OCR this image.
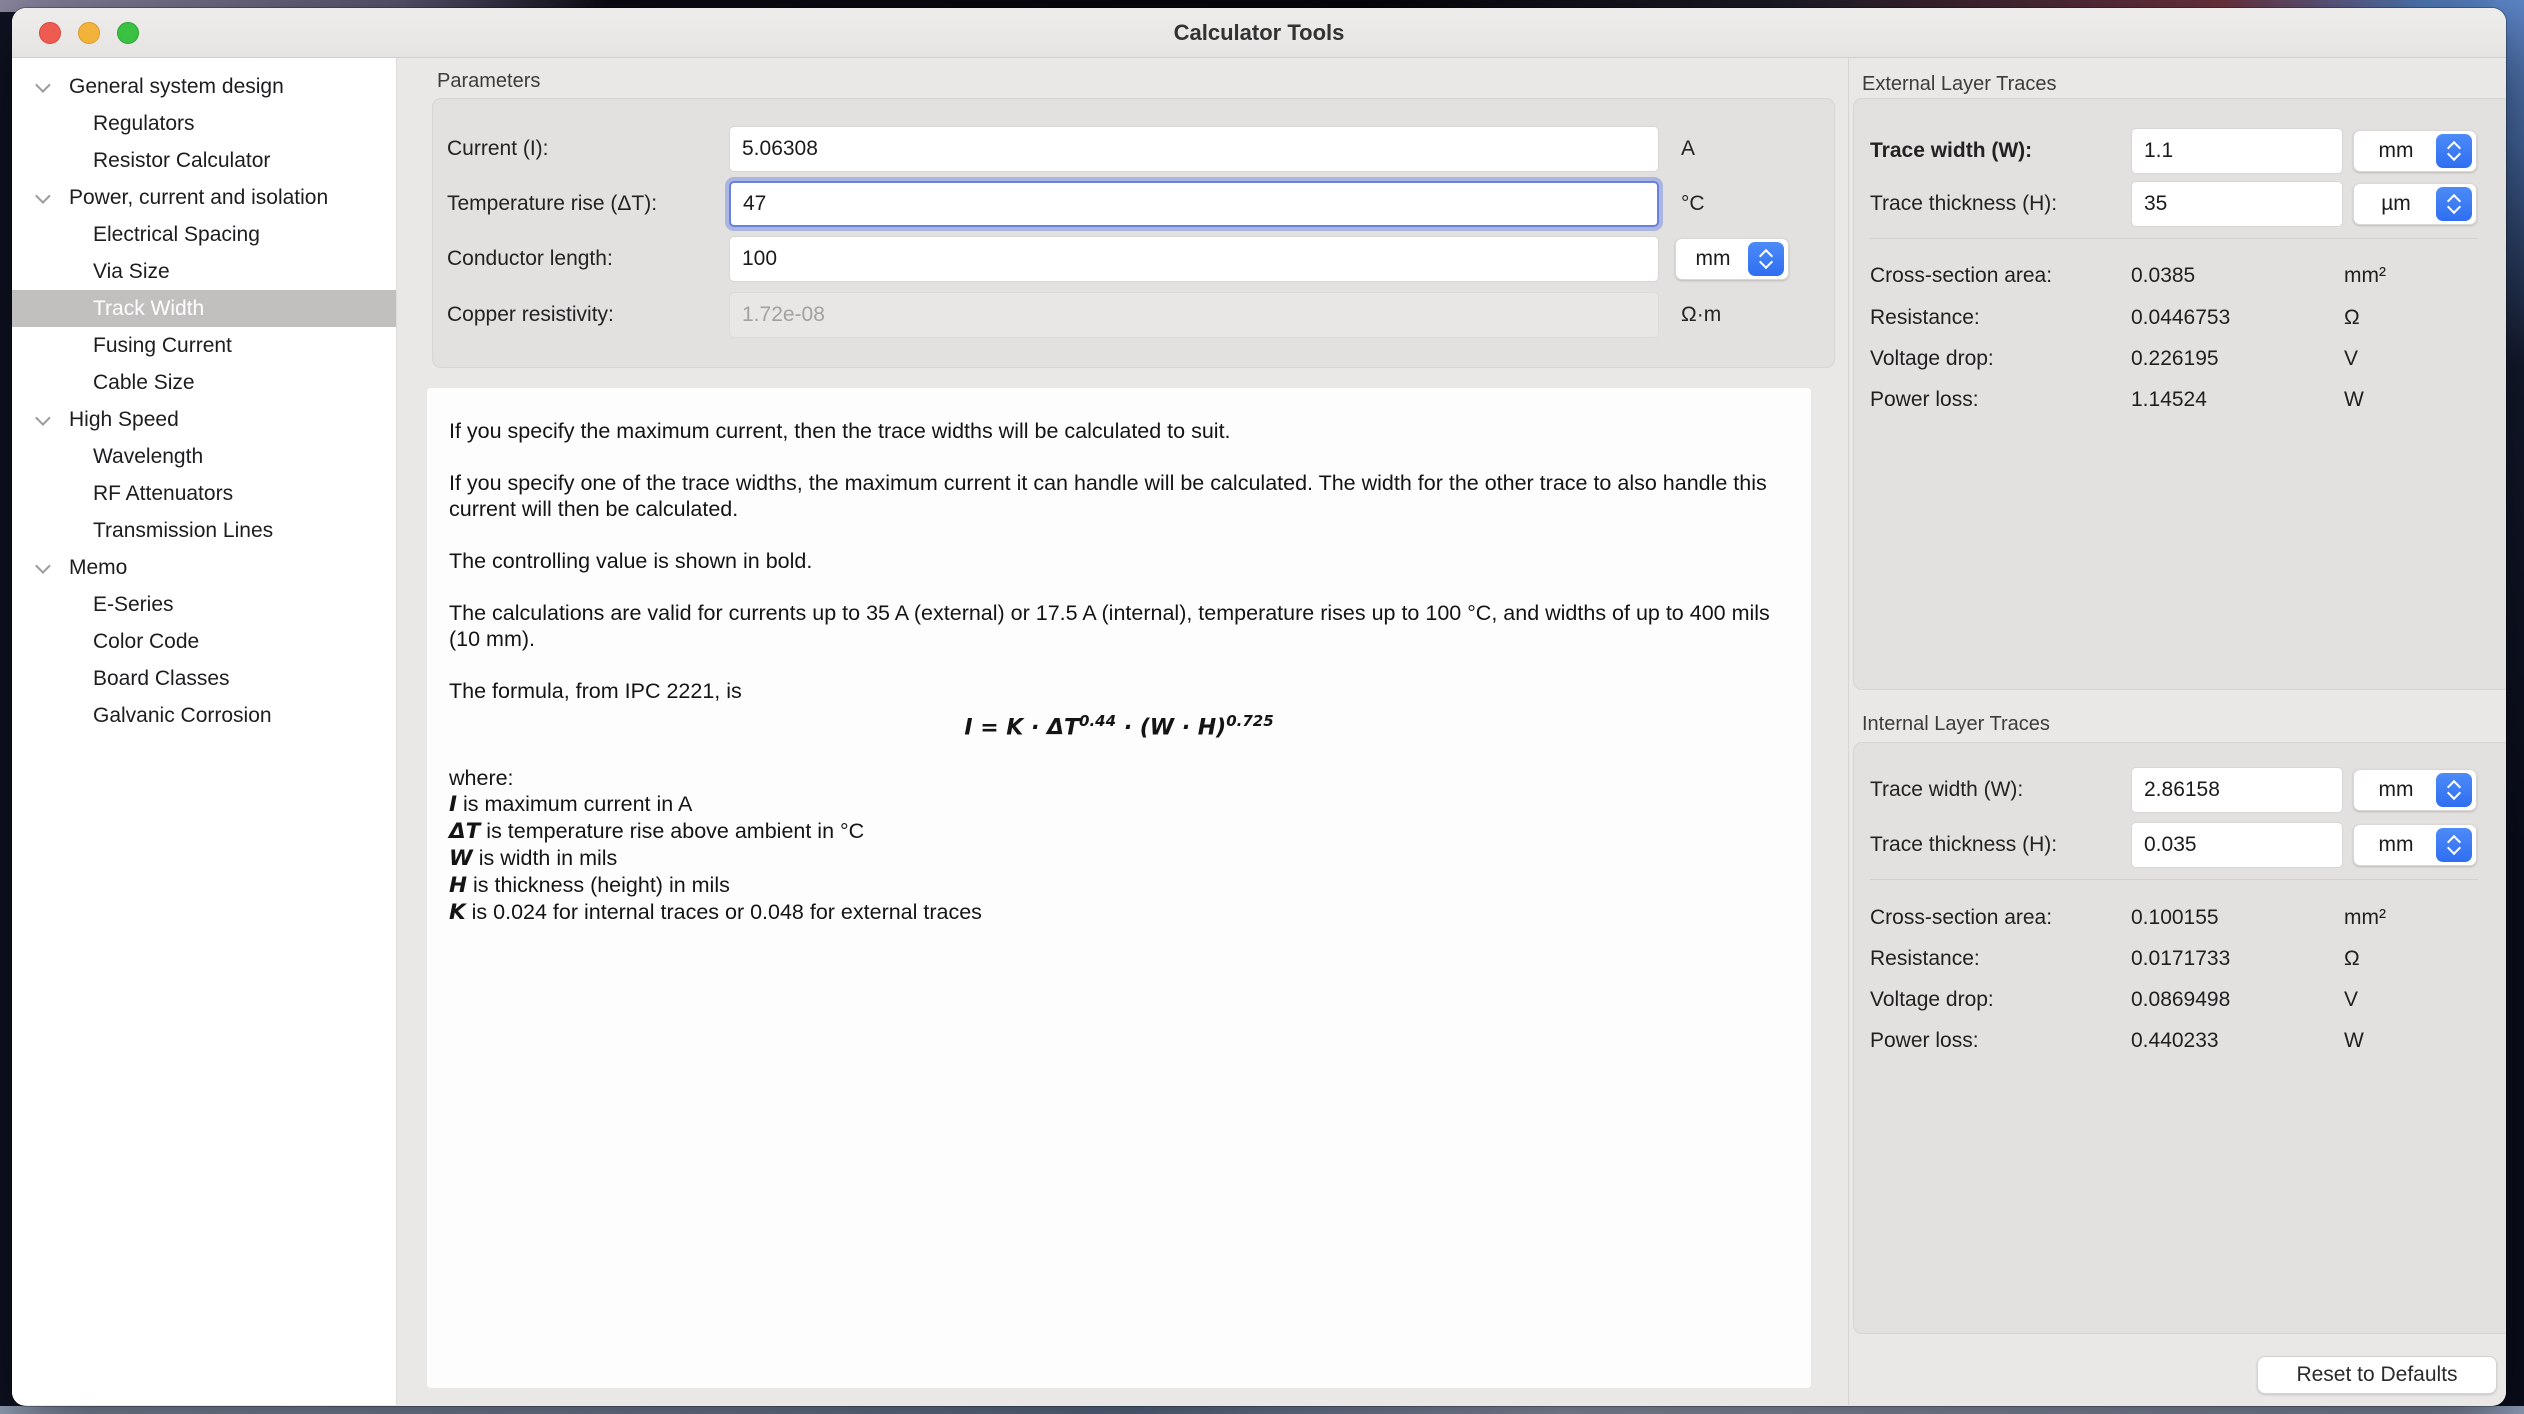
Calculator Tools
General system design
Regulators
Resistor Calculator
Power, current and isolation
Electrical Spacing
Via Size
Track Width
Fusing Current
Cable Size
High Speed
Wavelength
RF Attenuators
Transmission Lines
Memo
E-Series
Color Code
Board Classes
Galvanic Corrosion
Parameters
Current (I):
5.06308	A
Temperature rise (ΔT):
47	°C
Conductor length:
100	mm
Copper resistivity:
1.72e-08	Ω·m

If you specify the maximum current, then the trace widths will be calculated to suit.

If you specify one of the trace widths, the maximum current it can handle will be calculated. The width for the other trace to also handle this current will then be calculated.

The controlling value is shown in bold.

The calculations are valid for currents up to 35 A (external) or 17.5 A (internal), temperature rises up to 100 °C, and widths of up to 400 mils (10 mm).

The formula, from IPC 2221, is

$I = K \cdot \Delta T^{0.44} \cdot (W \cdot H)^{0.725}$
where:
I is maximum current in A
ΔT is temperature rise above ambient in °C
W is width in mils
H is thickness (height) in mils
K is 0.024 for internal traces or 0.048 for external traces
External Layer Traces
Trace width (W):
1.1	mm
Trace thickness (H):
35	µm
Cross-section area:	0.0385	mm²
Resistance:	0.0446753	Ω
Voltage drop:	0.226195	V
Power loss:	1.14524	W
Internal Layer Traces
Trace width (W):
2.86158	mm
Trace thickness (H):
0.035	mm
Cross-section area:	0.100155	mm²
Resistance:	0.0171733	Ω
Voltage drop:	0.0869498	V
Power loss:	0.440233	W
Reset to Defaults
